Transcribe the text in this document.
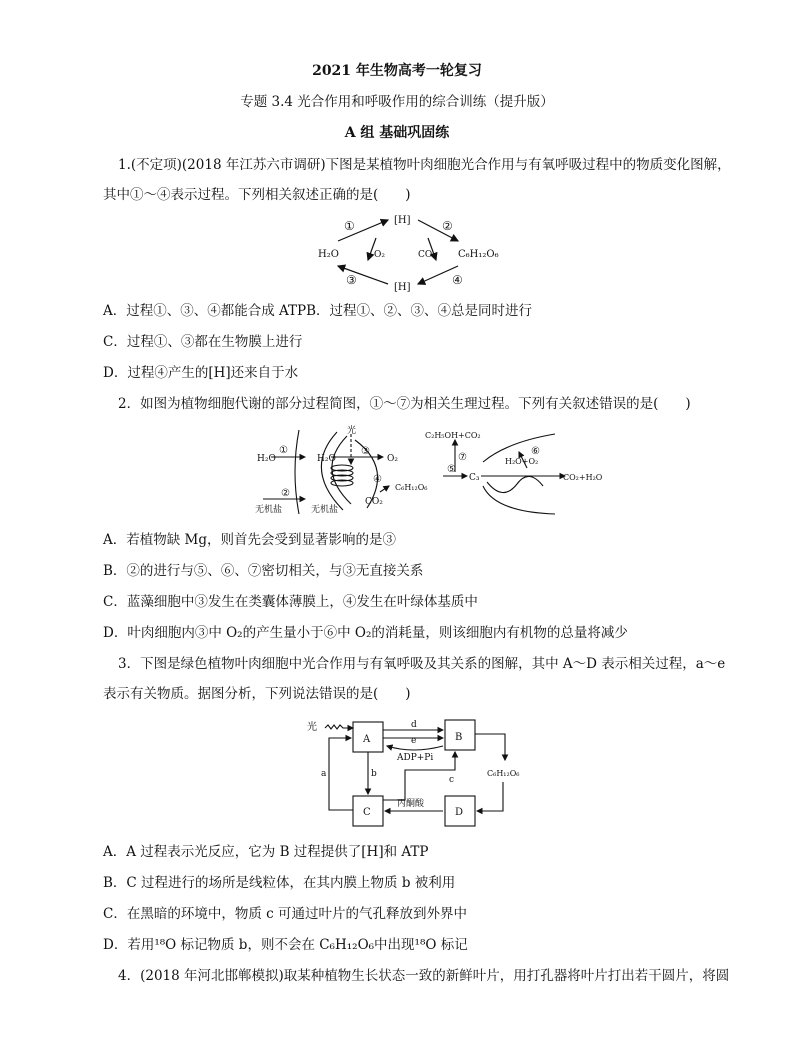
2021 年生物高考一轮复习
专题 3.4 光合作用和呼吸作用的综合训练（提升版）
A 组 基础巩固练
1.(不定项)(2018 年江苏六市调研)下图是某植物叶肉细胞光合作用与有氧呼吸过程中的物质变化图解，
其中①～④表示过程。下列相关叙述正确的是(　　)
[H]
[H]
H₂O	O₂	CO₂ C₆H₁₂O₆
①	②
③	④
A．过程①、③、④都能合成 ATPB．过程①、②、③、④总是同时进行
C．过程①、③都在生物膜上进行
D．过程④产生的[H]还来自于水
2．如图为植物细胞代谢的部分过程简图，①～⑦为相关生理过程。下列有关叙述错误的是(　　)
H₂O	H₂O
光
O₂
C₆H₁₂O₆
CO₂
无机盐	无机盐
C₂H₅OH+CO₂
C₃
H₂O+O₂
CO₂+H₂O
①
②
③
④
⑤
⑥
⑦
A．若植物缺 Mg，则首先会受到显著影响的是③
B．②的进行与⑤、⑥、⑦密切相关，与③无直接关系
C．蓝藻细胞中③发生在类囊体薄膜上，④发生在叶绿体基质中
D．叶肉细胞内③中 O₂的产生量小于⑥中 O₂的消耗量，则该细胞内有机物的总量将减少
3．下图是绿色植物叶肉细胞中光合作用与有氧呼吸及其关系的图解，其中 A～D 表示相关过程，a～e
表示有关物质。据图分析，下列说法错误的是(　　)
光
A	B
C	D
d
e
ADP+Pi
a	b
c
C₆H₁₂O₆
丙酮酸
A．A 过程表示光反应，它为 B 过程提供了[H]和 ATP
B．C 过程进行的场所是线粒体，在其内膜上物质 b 被利用
C．在黑暗的环境中，物质 c 可通过叶片的气孔释放到外界中
D．若用¹⁸O 标记物质 b，则不会在 C₆H₁₂O₆中出现¹⁸O 标记
4．(2018 年河北邯郸模拟)取某种植物生长状态一致的新鲜叶片，用打孔器将叶片打出若干圆片，将圆
